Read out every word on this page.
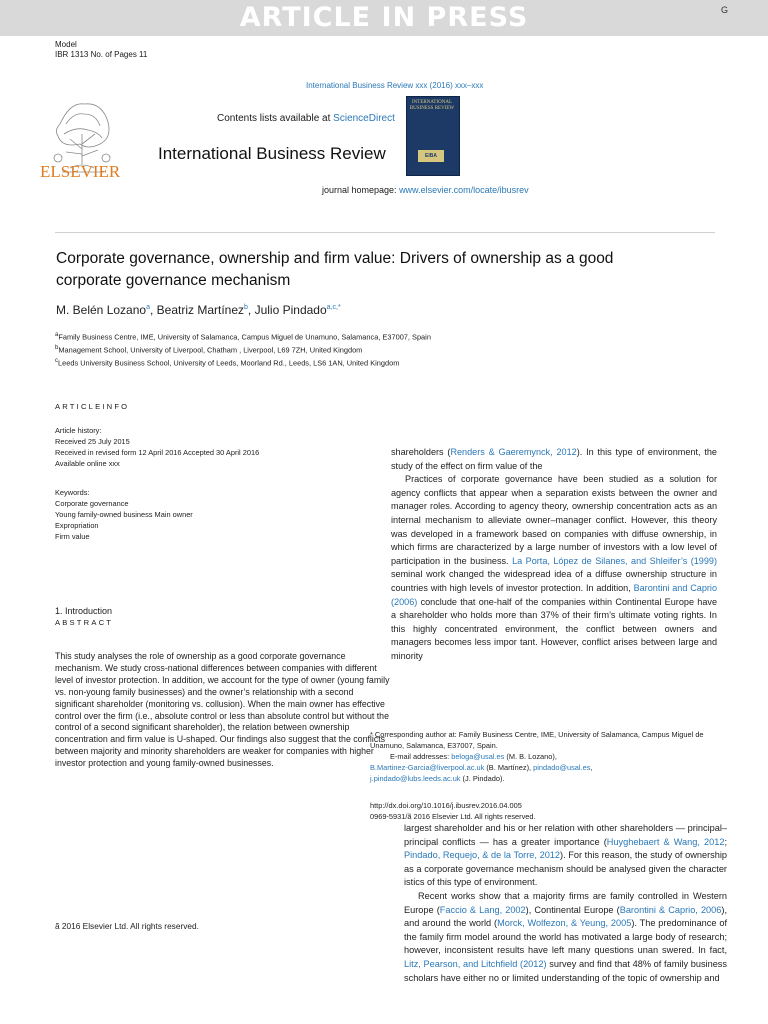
ARTICLE IN PRESS	G
Model
IBR 1313 No. of Pages 11
International Business Review xxx (2016) xxx–xxx
ELSEVIER
Contents lists available at ScienceDirect
International Business Review
INTERNATIONAL BUSINESS REVIEW
EIBA
journal homepage: www.elsevier.com/locate/ibusrev
Corporate governance, ownership and firm value: Drivers of ownership as a good corporate governance mechanism
M. Belén Lozano$^a$, Beatriz Martínez$^b$, Julio Pindado$^{a,c,*}$
$^a$Family Business Centre, IME, University of Salamanca, Campus Miguel de Unamuno, Salamanca, E37007, Spain
$^b$Management School, University of Liverpool, Chatham , Liverpool, L69 7ZH, United Kingdom
$^c$Leeds University Business School, University of Leeds, Moorland Rd., Leeds, LS6 1AN, United Kingdom
ARTICLEINFO
Article history:
Received 25 July 2015
Received in revised form 12 April 2016 Accepted 30 April 2016
Available online xxx
Keywords:
Corporate governance
Young family-owned business Main owner
Expropriation
Firm value
1. Introduction
ABSTRACT
This study analyses the role of ownership as a good corporate governance mechanism. We study cross-national differences between companies with different level of investor protection. In addition, we account for the type of owner (young family vs. non-young family businesses) and the owner’s relationship with a second significant shareholder (monitoring vs. collusion). When the main owner has effective control over the firm (i.e., absolute control or less than absolute control but without the control of a second significant shareholder), the relation between ownership concentration and firm value is U-shaped. Our findings also suggest that the conflicts between majority and minority shareholders are weaker for companies with higher investor protection and young family-owned businesses.
ã 2016 Elsevier Ltd. All rights reserved.

shareholders (Renders & Gaeremynck, 2012). In this type of environment, the study of the effect on firm value of the

Practices of corporate governance have been studied as a solution for agency conflicts that appear when a separation exists between the owner and manager roles. According to agency theory, ownership concentration acts as an internal mechanism to alleviate owner–manager conflict. However, this theory was developed in a framework based on companies with diffuse ownership, in which firms are characterized by a large number of investors with a low level of participation in the business. La Porta, López de Silanes, and Shleifer’s (1999) seminal work changed the widespread idea of a diffuse ownership structure in countries with high levels of investor protection. In addition, Barontini and Caprio (2006) conclude that one-half of the companies within Continental Europe have a shareholder who holds more than 37% of their firm’s ultimate voting rights. In this highly concentrated environment, the conflict between owners and managers becomes less impor tant. However, conflict arises between large and minority

* Corresponding author at: Family Business Centre, IME, University of Salamanca, Campus Miguel de Unamuno, Salamanca, E37007, Spain.

E-mail addresses: beloga@usal.es (M. B. Lozano),

B.Martinez-Garcia@liverpool.ac.uk (B. Martínez), pindado@usal.es,

j.pindado@lubs.leeds.ac.uk (J. Pindado).

http://dx.doi.org/10.1016/j.ibusrev.2016.04.005
0969-5931/ã 2016 Elsevier Ltd. All rights reserved.

largest shareholder and his or her relation with other shareholders — principal–principal conflicts — has a greater importance (Huyghebaert & Wang, 2012; Pindado, Requejo, & de la Torre, 2012). For this reason, the study of ownership as a corporate governance mechanism should be analysed given the character istics of this type of environment.

Recent works show that a majority firms are family controlled in Western Europe (Faccio & Lang, 2002), Continental Europe (Barontini & Caprio, 2006), and around the world (Morck, Wolfezon, & Yeung, 2005). The predominance of the family firm model around the world has motivated a large body of research; however, inconsistent results have left many questions unan swered. In fact, Litz, Pearson, and Litchfield (2012) survey and find that 48% of family business scholars have either no or limited understanding of the topic of ownership and
